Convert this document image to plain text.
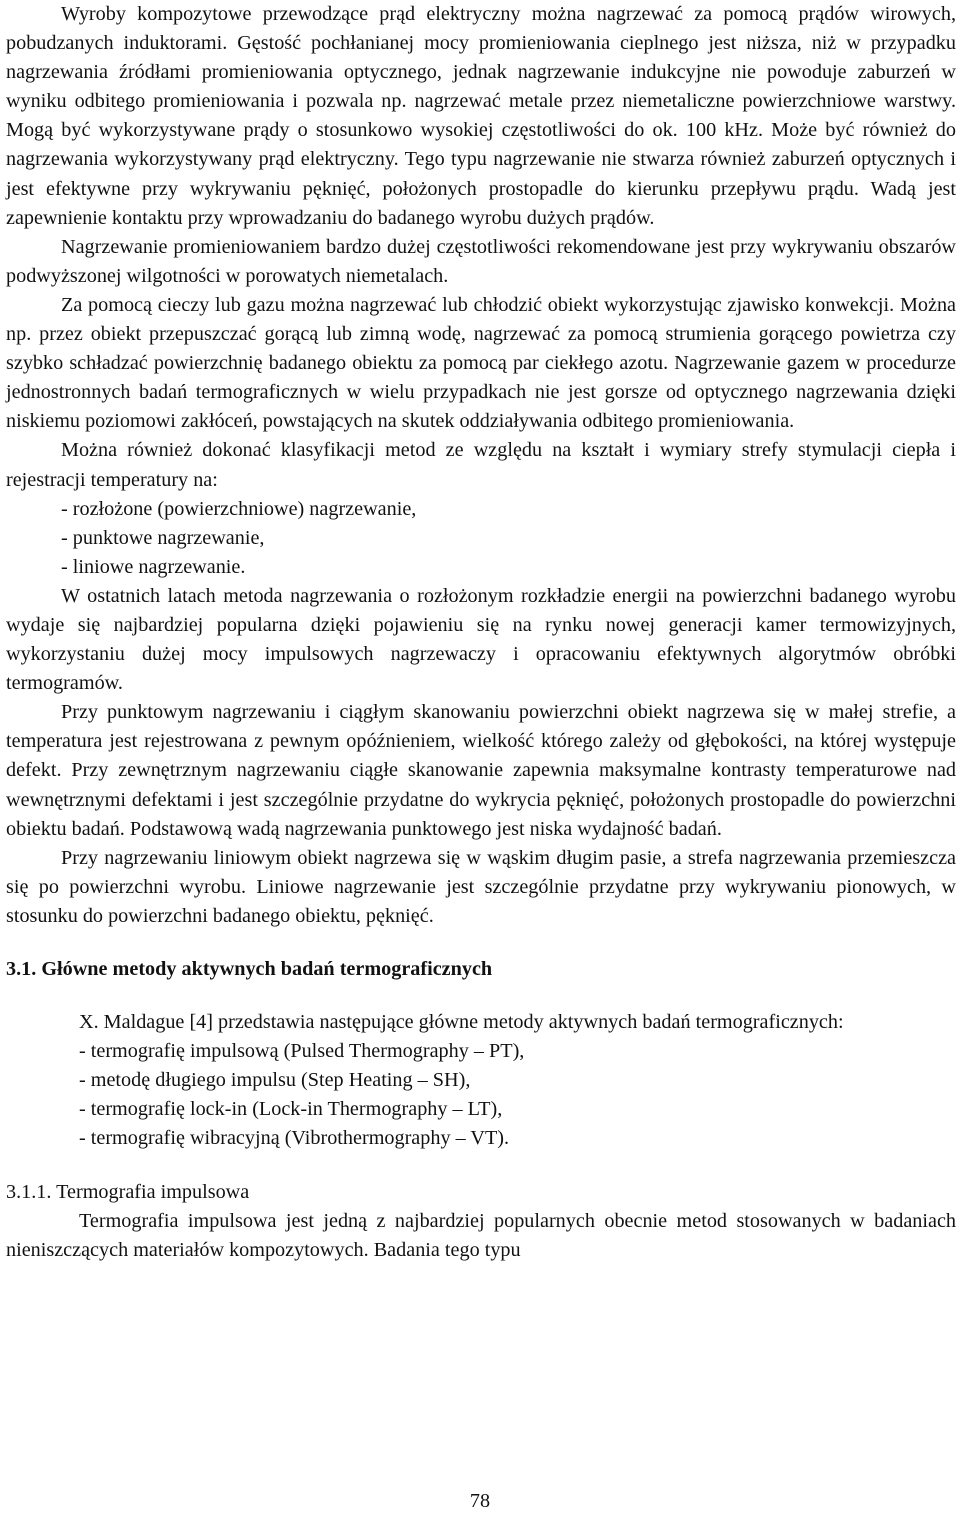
Wyroby kompozytowe przewodzące prąd elektryczny można nagrzewać za pomocą prądów wirowych, pobudzanych induktorami. Gęstość pochłanianej mocy promieniowania cieplnego jest niższa, niż w przypadku nagrzewania źródłami promieniowania optycznego, jednak nagrzewanie indukcyjne nie powoduje zaburzeń w wyniku odbitego promieniowania i pozwala np. nagrzewać metale przez niemetaliczne powierzchniowe warstwy. Mogą być wykorzystywane prądy o stosunkowo wysokiej częstotliwości do ok. 100 kHz. Może być również do nagrzewania wykorzystywany prąd elektryczny. Tego typu nagrzewanie nie stwarza również zaburzeń optycznych i jest efektywne przy wykrywaniu pęknięć, położonych prostopadle do kierunku przepływu prądu. Wadą jest zapewnienie kontaktu przy wprowadzaniu do badanego wyrobu dużych prądów.

Nagrzewanie promieniowaniem bardzo dużej częstotliwości rekomendowane jest przy wykrywaniu obszarów podwyższonej wilgotności w porowatych niemetalach.

Za pomocą cieczy lub gazu można nagrzewać lub chłodzić obiekt wykorzystując zjawisko konwekcji. Można np. przez obiekt przepuszczać gorącą lub zimną wodę, nagrzewać za pomocą strumienia gorącego powietrza czy szybko schładzać powierzchnię badanego obiektu za pomocą par ciekłego azotu. Nagrzewanie gazem w procedurze jednostronnych badań termograficznych w wielu przypadkach nie jest gorsze od optycznego nagrzewania dzięki niskiemu poziomowi zakłóceń, powstających na skutek oddziaływania odbitego promieniowania.

Można również dokonać klasyfikacji metod ze względu na kształt i wymiary strefy stymulacji ciepła i rejestracji temperatury na:

- rozłożone (powierzchniowe) nagrzewanie,
- punktowe nagrzewanie,
- liniowe nagrzewanie.

W ostatnich latach metoda nagrzewania o rozłożonym rozkładzie energii na powierzchni badanego wyrobu wydaje się najbardziej popularna dzięki pojawieniu się na rynku nowej generacji kamer termowizyjnych, wykorzystaniu dużej mocy impulsowych nagrzewaczy i opracowaniu efektywnych algorytmów obróbki termogramów.

Przy punktowym nagrzewaniu i ciągłym skanowaniu powierzchni obiekt nagrzewa się w małej strefie, a temperatura jest rejestrowana z pewnym opóźnieniem, wielkość którego zależy od głębokości, na której występuje defekt. Przy zewnętrznym nagrzewaniu ciągłe skanowanie zapewnia maksymalne kontrasty temperaturowe nad wewnętrznymi defektami i jest szczególnie przydatne do wykrycia pęknięć, położonych prostopadle do powierzchni obiektu badań. Podstawową wadą nagrzewania punktowego jest niska wydajność badań.

Przy nagrzewaniu liniowym obiekt nagrzewa się w wąskim długim pasie, a strefa nagrzewania przemieszcza się po powierzchni wyrobu. Liniowe nagrzewanie jest szczególnie przydatne przy wykrywaniu pionowych, w stosunku do powierzchni badanego obiektu, pęknięć.

3.1. Główne metody aktywnych badań termograficznych

X. Maldague [4] przedstawia następujące główne metody aktywnych badań termograficznych:

- termografię impulsową (Pulsed Thermography – PT),
- metodę długiego impulsu (Step Heating – SH),
- termografię lock-in (Lock-in Thermography – LT),
- termografię wibracyjną (Vibrothermography – VT).

3.1.1. Termografia impulsowa

Termografia impulsowa jest jedną z najbardziej popularnych obecnie metod stosowanych w badaniach nieniszczących materiałów kompozytowych. Badania tego typu

78
